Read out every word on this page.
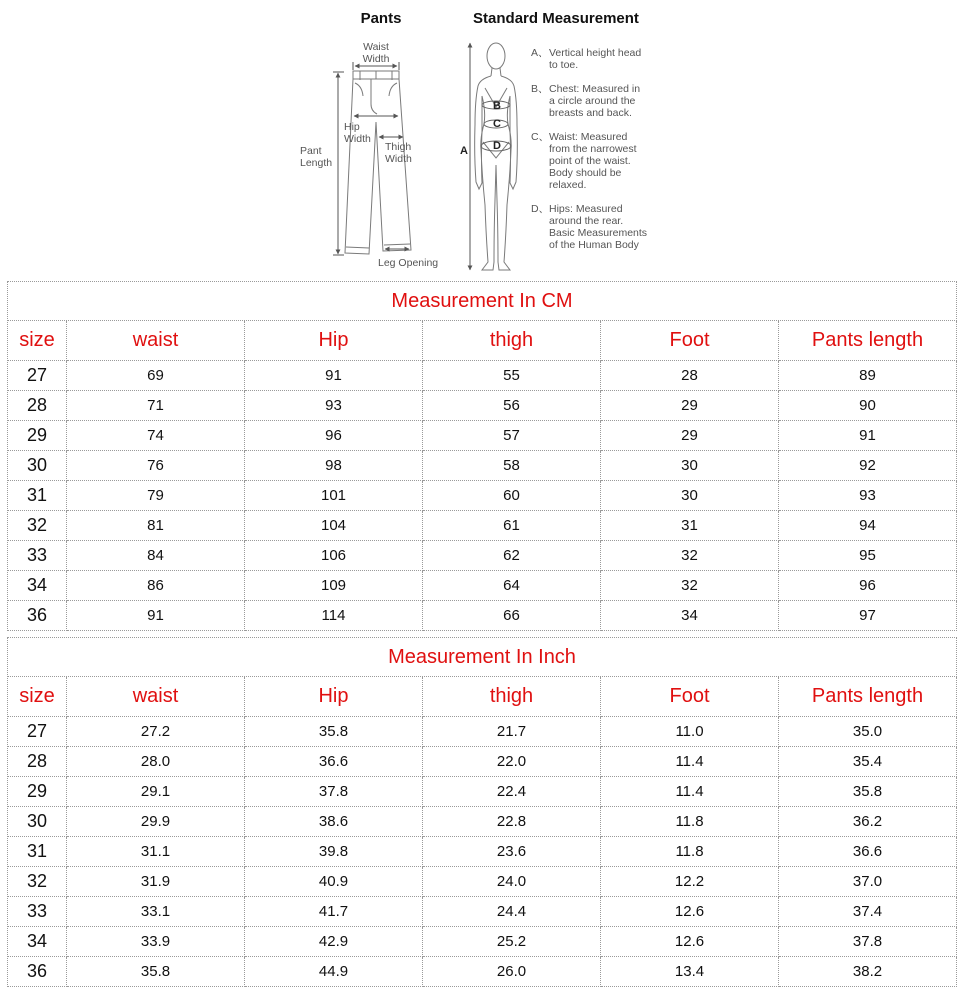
Pants	Standard Measurement
Waist
Width
Hip
Width
Pant
Length
Thigh
Width
Leg Opening
A
B
C
D
A、 Vertical height head
to toe.
B、 Chest: Measured in
a circle around the
breasts and back.
C、 Waist: Measured
from the narrowest
point of the waist.
Body should be
relaxed.
D、 Hips: Measured
around the rear.
Basic Measurements
of the Human Body
Measurement In CM
size	waist	Hip	thigh	Foot	Pants length
27	69	91	55	28	89
28	71	93	56	29	90
29	74	96	57	29	91
30	76	98	58	30	92
31	79	101	60	30	93
32	81	104	61	31	94
33	84	106	62	32	95
34	86	109	64	32	96
36	91	114	66	34	97
Measurement In Inch
size	waist	Hip	thigh	Foot	Pants length
27	27.2	35.8	21.7	11.0	35.0
28	28.0	36.6	22.0	11.4	35.4
29	29.1	37.8	22.4	11.4	35.8
30	29.9	38.6	22.8	11.8	36.2
31	31.1	39.8	23.6	11.8	36.6
32	31.9	40.9	24.0	12.2	37.0
33	33.1	41.7	24.4	12.6	37.4
34	33.9	42.9	25.2	12.6	37.8
36	35.8	44.9	26.0	13.4	38.2
